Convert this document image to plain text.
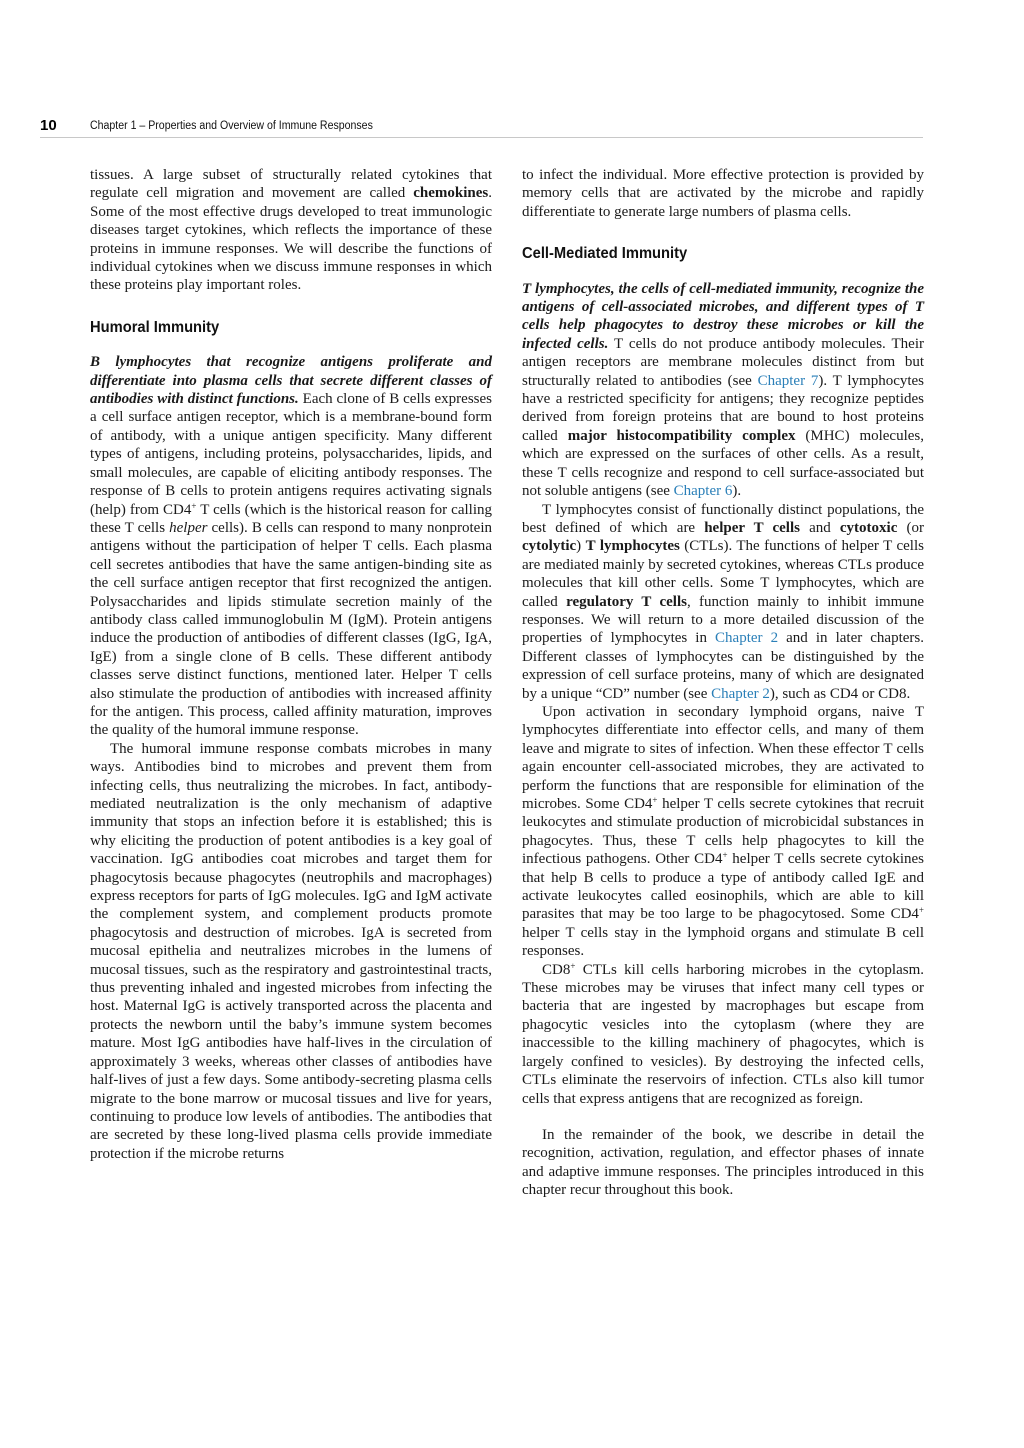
10	Chapter 1 – Properties and Overview of Immune Responses

tissues. A large subset of structurally related cytokines that regulate cell migration and movement are called chemokines. Some of the most effective drugs developed to treat immunologic diseases target cytokines, which reflects the importance of these proteins in immune responses. We will describe the functions of individual cytokines when we discuss immune responses in which these proteins play important roles.

Humoral Immunity

B lymphocytes that recognize antigens proliferate and differentiate into plasma cells that secrete different classes of antibodies with distinct functions. Each clone of B cells expresses a cell surface antigen receptor, which is a membrane-bound form of antibody, with a unique antigen specificity. Many different types of antigens, including proteins, polysaccharides, lipids, and small molecules, are capable of eliciting antibody responses. The response of B cells to protein antigens requires activating signals (help) from CD4+ T cells (which is the historical reason for calling these T cells helper cells). B cells can respond to many nonprotein antigens without the participation of helper T cells. Each plasma cell secretes antibodies that have the same antigen-binding site as the cell surface antigen receptor that first recognized the antigen. Polysaccharides and lipids stimulate secretion mainly of the antibody class called immunoglobulin M (IgM). Protein antigens induce the production of antibodies of different classes (IgG, IgA, IgE) from a single clone of B cells. These different antibody classes serve distinct functions, mentioned later. Helper T cells also stimulate the production of antibodies with increased affinity for the antigen. This process, called affinity maturation, improves the quality of the humoral immune response.

The humoral immune response combats microbes in many ways. Antibodies bind to microbes and prevent them from infecting cells, thus neutralizing the microbes. In fact, antibody-mediated neutralization is the only mechanism of adaptive immunity that stops an infection before it is established; this is why eliciting the production of potent antibodies is a key goal of vaccination. IgG antibodies coat microbes and target them for phagocytosis because phagocytes (neutrophils and macrophages) express receptors for parts of IgG molecules. IgG and IgM activate the complement system, and complement products promote phagocytosis and destruction of microbes. IgA is secreted from mucosal epithelia and neutralizes microbes in the lumens of mucosal tissues, such as the respiratory and gastrointestinal tracts, thus preventing inhaled and ingested microbes from infecting the host. Maternal IgG is actively transported across the placenta and protects the newborn until the baby’s immune system becomes mature. Most IgG antibodies have half-lives in the circulation of approximately 3 weeks, whereas other classes of antibodies have half-lives of just a few days. Some antibody-secreting plasma cells migrate to the bone marrow or mucosal tissues and live for years, continuing to produce low levels of antibodies. The antibodies that are secreted by these long-lived plasma cells provide immediate protection if the microbe returns

to infect the individual. More effective protection is provided by memory cells that are activated by the microbe and rapidly differentiate to generate large numbers of plasma cells.

Cell-Mediated Immunity

T lymphocytes, the cells of cell-mediated immunity, recognize the antigens of cell-associated microbes, and different types of T cells help phagocytes to destroy these microbes or kill the infected cells. T cells do not produce antibody molecules. Their antigen receptors are membrane molecules distinct from but structurally related to antibodies (see Chapter 7). T lymphocytes have a restricted specificity for antigens; they recognize peptides derived from foreign proteins that are bound to host proteins called major histocompatibility complex (MHC) molecules, which are expressed on the surfaces of other cells. As a result, these T cells recognize and respond to cell surface-associated but not soluble antigens (see Chapter 6).

T lymphocytes consist of functionally distinct populations, the best defined of which are helper T cells and cytotoxic (or cytolytic) T lymphocytes (CTLs). The functions of helper T cells are mediated mainly by secreted cytokines, whereas CTLs produce molecules that kill other cells. Some T lymphocytes, which are called regulatory T cells, function mainly to inhibit immune responses. We will return to a more detailed discussion of the properties of lymphocytes in Chapter 2 and in later chapters. Different classes of lymphocytes can be distinguished by the expression of cell surface proteins, many of which are designated by a unique “CD” number (see Chapter 2), such as CD4 or CD8.

Upon activation in secondary lymphoid organs, naive T lymphocytes differentiate into effector cells, and many of them leave and migrate to sites of infection. When these effector T cells again encounter cell-associated microbes, they are activated to perform the functions that are responsible for elimination of the microbes. Some CD4+ helper T cells secrete cytokines that recruit leukocytes and stimulate production of microbicidal substances in phagocytes. Thus, these T cells help phagocytes to kill the infectious pathogens. Other CD4+ helper T cells secrete cytokines that help B cells to produce a type of antibody called IgE and activate leukocytes called eosinophils, which are able to kill parasites that may be too large to be phagocytosed. Some CD4+ helper T cells stay in the lymphoid organs and stimulate B cell responses.

CD8+ CTLs kill cells harboring microbes in the cytoplasm. These microbes may be viruses that infect many cell types or bacteria that are ingested by macrophages but escape from phagocytic vesicles into the cytoplasm (where they are inaccessible to the killing machinery of phagocytes, which is largely confined to vesicles). By destroying the infected cells, CTLs eliminate the reservoirs of infection. CTLs also kill tumor cells that express antigens that are recognized as foreign.

In the remainder of the book, we describe in detail the recognition, activation, regulation, and effector phases of innate and adaptive immune responses. The principles introduced in this chapter recur throughout this book.
